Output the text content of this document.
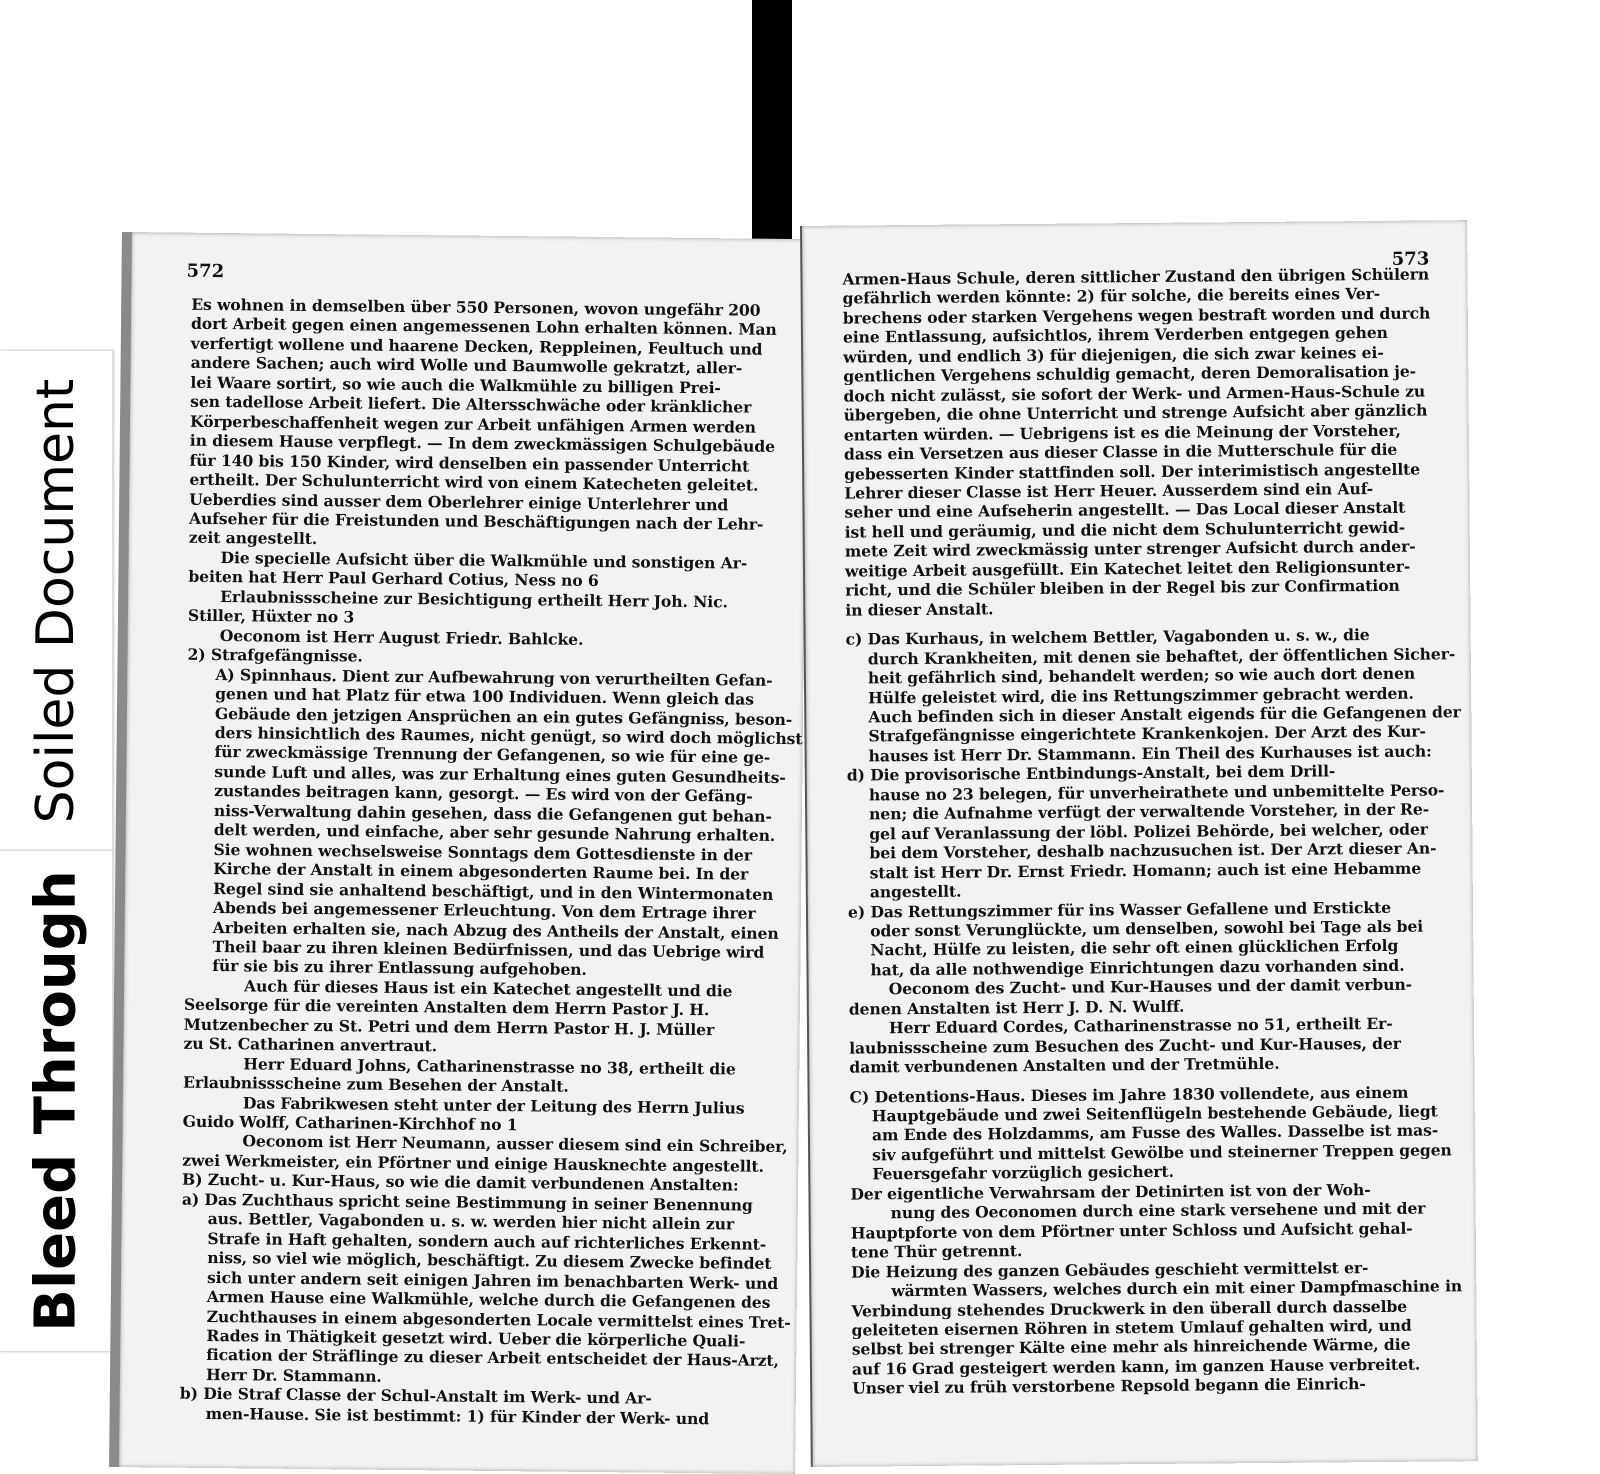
Soiled Document
Bleed Through
572
Es wohnen in demselben über 550 Personen, wovon ungefähr 200
dort Arbeit gegen einen angemessenen Lohn erhalten können. Man
verfertigt wollene und haarene Decken, Reppleinen, Feultuch und
andere Sachen; auch wird Wolle und Baumwolle gekratzt, aller-
lei Waare sortirt, so wie auch die Walkmühle zu billigen Prei-
sen tadellose Arbeit liefert. Die Altersschwäche oder kränklicher
Körperbeschaffenheit wegen zur Arbeit unfähigen Armen werden
in diesem Hause verpflegt. — In dem zweckmässigen Schulgebäude
für 140 bis 150 Kinder, wird denselben ein passender Unterricht
ertheilt. Der Schulunterricht wird von einem Katecheten geleitet.
Ueberdies sind ausser dem Oberlehrer einige Unterlehrer und
Aufseher für die Freistunden und Beschäftigungen nach der Lehr-
zeit angestellt.
Die specielle Aufsicht über die Walkmühle und sonstigen Ar-
beiten hat Herr Paul Gerhard Cotius, Ness no 6
Erlaubnissscheine zur Besichtigung ertheilt Herr Joh. Nic.
Stiller, Hüxter no 3
Oeconom ist Herr August Friedr. Bahlcke.
2) Strafgefängnisse.
A) Spinnhaus. Dient zur Aufbewahrung von verurtheilten Gefan-
genen und hat Platz für etwa 100 Individuen. Wenn gleich das
Gebäude den jetzigen Ansprüchen an ein gutes Gefängniss, beson-
ders hinsichtlich des Raumes, nicht genügt, so wird doch möglichst
für zweckmässige Trennung der Gefangenen, so wie für eine ge-
sunde Luft und alles, was zur Erhaltung eines guten Gesundheits-
zustandes beitragen kann, gesorgt. — Es wird von der Gefäng-
niss-Verwaltung dahin gesehen, dass die Gefangenen gut behan-
delt werden, und einfache, aber sehr gesunde Nahrung erhalten.
Sie wohnen wechselsweise Sonntags dem Gottesdienste in der
Kirche der Anstalt in einem abgesonderten Raume bei. In der
Regel sind sie anhaltend beschäftigt, und in den Wintermonaten
Abends bei angemessener Erleuchtung. Von dem Ertrage ihrer
Arbeiten erhalten sie, nach Abzug des Antheils der Anstalt, einen
Theil baar zu ihren kleinen Bedürfnissen, und das Uebrige wird
für sie bis zu ihrer Entlassung aufgehoben.
Auch für dieses Haus ist ein Katechet angestellt und die
Seelsorge für die vereinten Anstalten dem Herrn Pastor J. H.
Mutzenbecher zu St. Petri und dem Herrn Pastor H. J. Müller
zu St. Catharinen anvertraut.
Herr Eduard Johns, Catharinenstrasse no 38, ertheilt die
Erlaubnissscheine zum Besehen der Anstalt.
Das Fabrikwesen steht unter der Leitung des Herrn Julius
Guido Wolff, Catharinen-Kirchhof no 1
Oeconom ist Herr Neumann, ausser diesem sind ein Schreiber,
zwei Werkmeister, ein Pförtner und einige Hausknechte angestellt.
B) Zucht- u. Kur-Haus, so wie die damit verbundenen Anstalten:
a) Das Zuchthaus spricht seine Bestimmung in seiner Benennung
aus. Bettler, Vagabonden u. s. w. werden hier nicht allein zur
Strafe in Haft gehalten, sondern auch auf richterliches Erkennt-
niss, so viel wie möglich, beschäftigt. Zu diesem Zwecke befindet
sich unter andern seit einigen Jahren im benachbarten Werk- und
Armen Hause eine Walkmühle, welche durch die Gefangenen des
Zuchthauses in einem abgesonderten Locale vermittelst eines Tret-
Rades in Thätigkeit gesetzt wird. Ueber die körperliche Quali-
fication der Sträflinge zu dieser Arbeit entscheidet der Haus-Arzt,
Herr Dr. Stammann.
b) Die Straf Classe der Schul-Anstalt im Werk- und Ar-
men-Hause. Sie ist bestimmt: 1) für Kinder der Werk- und
573
Armen-Haus Schule, deren sittlicher Zustand den übrigen Schülern
gefährlich werden könnte: 2) für solche, die bereits eines Ver-
brechens oder starken Vergehens wegen bestraft worden und durch
eine Entlassung, aufsichtlos, ihrem Verderben entgegen gehen
würden, und endlich 3) für diejenigen, die sich zwar keines ei-
gentlichen Vergehens schuldig gemacht, deren Demoralisation je-
doch nicht zulässt, sie sofort der Werk- und Armen-Haus-Schule zu
übergeben, die ohne Unterricht und strenge Aufsicht aber gänzlich
entarten würden. — Uebrigens ist es die Meinung der Vorsteher,
dass ein Versetzen aus dieser Classe in die Mutterschule für die
gebesserten Kinder stattfinden soll. Der interimistisch angestellte
Lehrer dieser Classe ist Herr Heuer. Ausserdem sind ein Auf-
seher und eine Aufseherin angestellt. — Das Local dieser Anstalt
ist hell und geräumig, und die nicht dem Schulunterricht gewid-
mete Zeit wird zweckmässig unter strenger Aufsicht durch ander-
weitige Arbeit ausgefüllt. Ein Katechet leitet den Religionsunter-
richt, und die Schüler bleiben in der Regel bis zur Confirmation
in dieser Anstalt.
c) Das Kurhaus, in welchem Bettler, Vagabonden u. s. w., die
durch Krankheiten, mit denen sie behaftet, der öffentlichen Sicher-
heit gefährlich sind, behandelt werden; so wie auch dort denen
Hülfe geleistet wird, die ins Rettungszimmer gebracht werden.
Auch befinden sich in dieser Anstalt eigends für die Gefangenen der
Strafgefängnisse eingerichtete Krankenkojen. Der Arzt des Kur-
hauses ist Herr Dr. Stammann. Ein Theil des Kurhauses ist auch:
d) Die provisorische Entbindungs-Anstalt, bei dem Drill-
hause no 23 belegen, für unverheirathete und unbemittelte Perso-
nen; die Aufnahme verfügt der verwaltende Vorsteher, in der Re-
gel auf Veranlassung der löbl. Polizei Behörde, bei welcher, oder
bei dem Vorsteher, deshalb nachzusuchen ist. Der Arzt dieser An-
stalt ist Herr Dr. Ernst Friedr. Homann; auch ist eine Hebamme
angestellt.
e) Das Rettungszimmer für ins Wasser Gefallene und Erstickte
oder sonst Verunglückte, um denselben, sowohl bei Tage als bei
Nacht, Hülfe zu leisten, die sehr oft einen glücklichen Erfolg
hat, da alle nothwendige Einrichtungen dazu vorhanden sind.
Oeconom des Zucht- und Kur-Hauses und der damit verbun-
denen Anstalten ist Herr J. D. N. Wulff.
Herr Eduard Cordes, Catharinenstrasse no 51, ertheilt Er-
laubnissscheine zum Besuchen des Zucht- und Kur-Hauses, der
damit verbundenen Anstalten und der Tretmühle.
C) Detentions-Haus. Dieses im Jahre 1830 vollendete, aus einem
Hauptgebäude und zwei Seitenflügeln bestehende Gebäude, liegt
am Ende des Holzdamms, am Fusse des Walles. Dasselbe ist mas-
siv aufgeführt und mittelst Gewölbe und steinerner Treppen gegen
Feuersgefahr vorzüglich gesichert.
Der eigentliche Verwahrsam der Detinirten ist von der Woh-
nung des Oeconomen durch eine stark versehene und mit der
Hauptpforte von dem Pförtner unter Schloss und Aufsicht gehal-
tene Thür getrennt.
Die Heizung des ganzen Gebäudes geschieht vermittelst er-
wärmten Wassers, welches durch ein mit einer Dampfmaschine in
Verbindung stehendes Druckwerk in den überall durch dasselbe
geleiteten eisernen Röhren in stetem Umlauf gehalten wird, und
selbst bei strenger Kälte eine mehr als hinreichende Wärme, die
auf 16 Grad gesteigert werden kann, im ganzen Hause verbreitet.
Unser viel zu früh verstorbene Repsold begann die Einrich-
